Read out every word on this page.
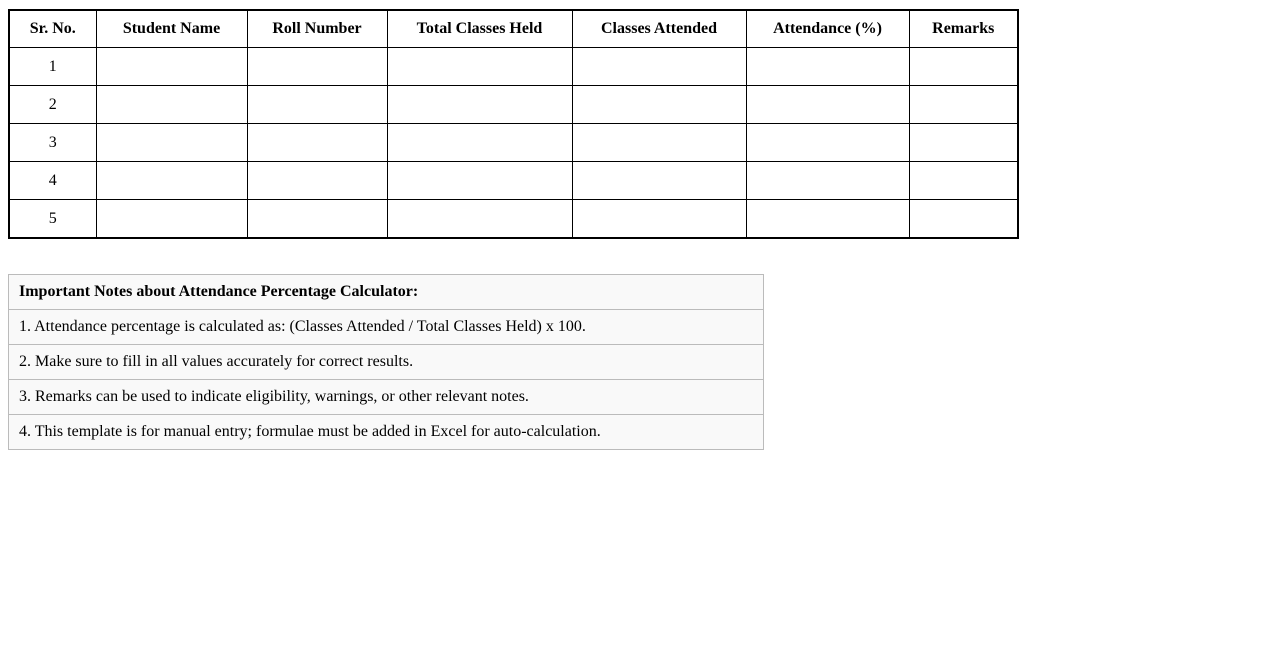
Sr. No.	Student Name	Roll Number	Total Classes Held	Classes Attended	Attendance (%)	Remarks
1						
2						
3						
4						
5						
Important Notes about Attendance Percentage Calculator:
1. Attendance percentage is calculated as: (Classes Attended / Total Classes Held) x 100.
2. Make sure to fill in all values accurately for correct results.
3. Remarks can be used to indicate eligibility, warnings, or other relevant notes.
4. This template is for manual entry; formulae must be added in Excel for auto-calculation.
